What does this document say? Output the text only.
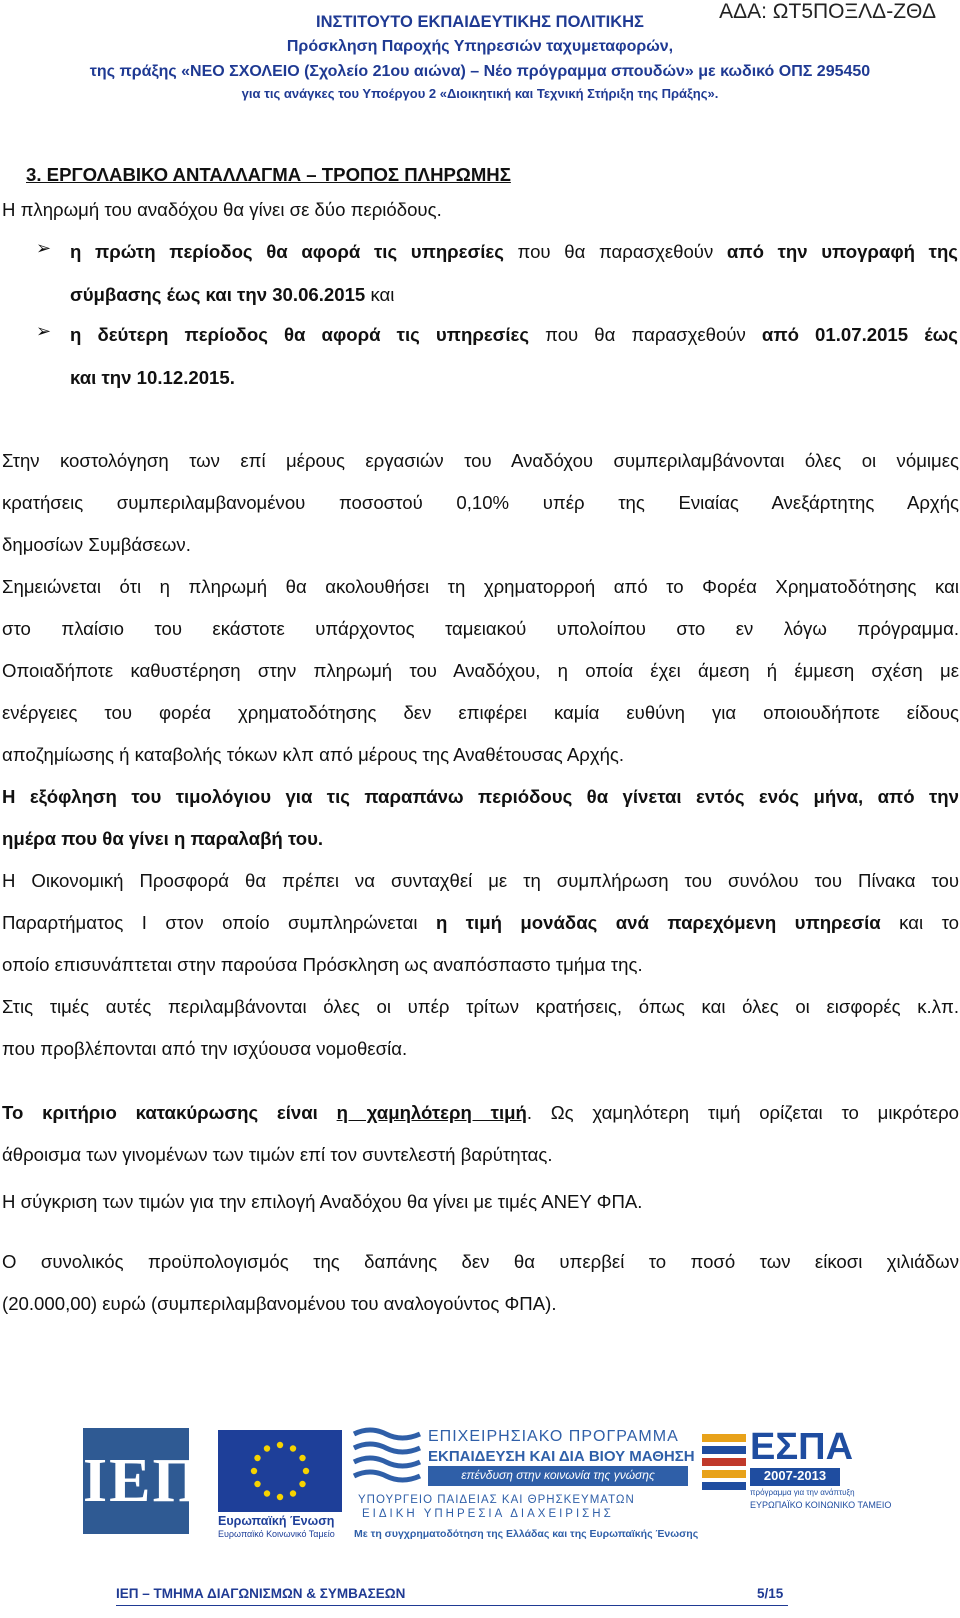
ΙΝΣΤΙΤΟΥΤΟ ΕΚΠΑΙΔΕΥΤΙΚΗΣ ΠΟΛΙΤΙΚΗΣ	ΑΔΑ: ΩΤ5ΠΟΞΛΔ-ΖΘΔ
Πρόσκληση Παροχής Υπηρεσιών ταχυμεταφορών,
της πράξης «ΝΕΟ ΣΧΟΛΕΙΟ (Σχολείο 21ου αιώνα) – Νέο πρόγραμμα σπουδών» με κωδικό ΟΠΣ 295450
για τις ανάγκες του Υποέργου 2 «Διοικητική και Τεχνική Στήριξη της Πράξης».
3. ΕΡΓΟΛΑΒΙΚΟ ΑΝΤΑΛΛΑΓΜΑ – ΤΡΟΠΟΣ ΠΛΗΡΩΜΗΣ
Η πληρωμή του αναδόχου θα γίνει σε δύο περιόδους.
➢ η πρώτη περίοδος θα αφορά τις υπηρεσίες που θα παρασχεθούν από την υπογραφή της
σύμβασης έως και την 30.06.2015 και
➢ η δεύτερη περίοδος θα αφορά τις υπηρεσίες που θα παρασχεθούν από 01.07.2015 έως
και την 10.12.2015.
Στην κοστολόγηση των επί μέρους εργασιών του Αναδόχου συμπεριλαμβάνονται όλες οι νόμιμες
κρατήσεις συμπεριλαμβανομένου ποσοστού 0,10% υπέρ της Ενιαίας Ανεξάρτητης Αρχής
δημοσίων Συμβάσεων.
Σημειώνεται ότι η πληρωμή θα ακολουθήσει τη χρηματορροή από το Φορέα Χρηματοδότησης και
στο πλαίσιο του εκάστοτε υπάρχοντος ταμειακού υπολοίπου στο εν λόγω πρόγραμμα.
Οποιαδήποτε καθυστέρηση στην πληρωμή του Αναδόχου, η οποία έχει άμεση ή έμμεση σχέση με
ενέργειες του φορέα χρηματοδότησης δεν επιφέρει καμία ευθύνη για οποιουδήποτε είδους
αποζημίωσης ή καταβολής τόκων κλπ από μέρους της Αναθέτουσας Αρχής.
Η εξόφληση του τιμολόγιου για τις παραπάνω περιόδους θα γίνεται εντός ενός μήνα, από την
ημέρα που θα γίνει η παραλαβή του.
Η Οικονομική Προσφορά θα πρέπει να συνταχθεί με τη συμπλήρωση του συνόλου του Πίνακα του
Παραρτήματος Ι στον οποίο συμπληρώνεται η τιμή μονάδας ανά παρεχόμενη υπηρεσία και το
οποίο επισυνάπτεται στην παρούσα Πρόσκληση ως αναπόσπαστο τμήμα της.
Στις τιμές αυτές περιλαμβάνονται όλες οι υπέρ τρίτων κρατήσεις, όπως και όλες οι εισφορές κ.λπ.
που προβλέπονται από την ισχύουσα νομοθεσία.
Το κριτήριο κατακύρωσης είναι η χαμηλότερη τιμή. Ως χαμηλότερη τιμή ορίζεται το μικρότερο
άθροισμα των γινομένων των τιμών επί τον συντελεστή βαρύτητας.
Η σύγκριση των τιμών για την επιλογή Αναδόχου θα γίνει με τιμές ΑΝΕΥ ΦΠΑ.
Ο συνολικός προϋπολογισμός της δαπάνης δεν θα υπερβεί το ποσό των είκοσι χιλιάδων
(20.000,00) ευρώ (συμπεριλαμβανομένου του αναλογούντος ΦΠΑ).
ΙΕΠ
Ευρωπαϊκή Ένωση
Ευρωπαϊκό Κοινωνικό Ταμείο
ΕΠΙΧΕΙΡΗΣΙΑΚΟ ΠΡΟΓΡΑΜΜΑ
ΕΚΠΑΙΔΕΥΣΗ ΚΑΙ ΔΙΑ ΒΙΟΥ ΜΑΘΗΣΗ
επένδυση στην κοινωνία της γνώσης
ΥΠΟΥΡΓΕΙΟ ΠΑΙΔΕΙΑΣ ΚΑΙ ΘΡΗΣΚΕΥΜΑΤΩΝ
ΕΙΔΙΚΗ ΥΠΗΡΕΣΙΑ ΔΙΑΧΕΙΡΙΣΗΣ
Με τη συγχρηματοδότηση της Ελλάδας και της Ευρωπαϊκής Ένωσης
ΕΣΠΑ
2007-2013
πρόγραμμα για την ανάπτυξη
ΕΥΡΩΠΑΪΚΟ ΚΟΙΝΩΝΙΚΟ ΤΑΜΕΙΟ
ΙΕΠ – ΤΜΗΜΑ ΔΙΑΓΩΝΙΣΜΩΝ & ΣΥΜΒΑΣΕΩΝ	5/15
